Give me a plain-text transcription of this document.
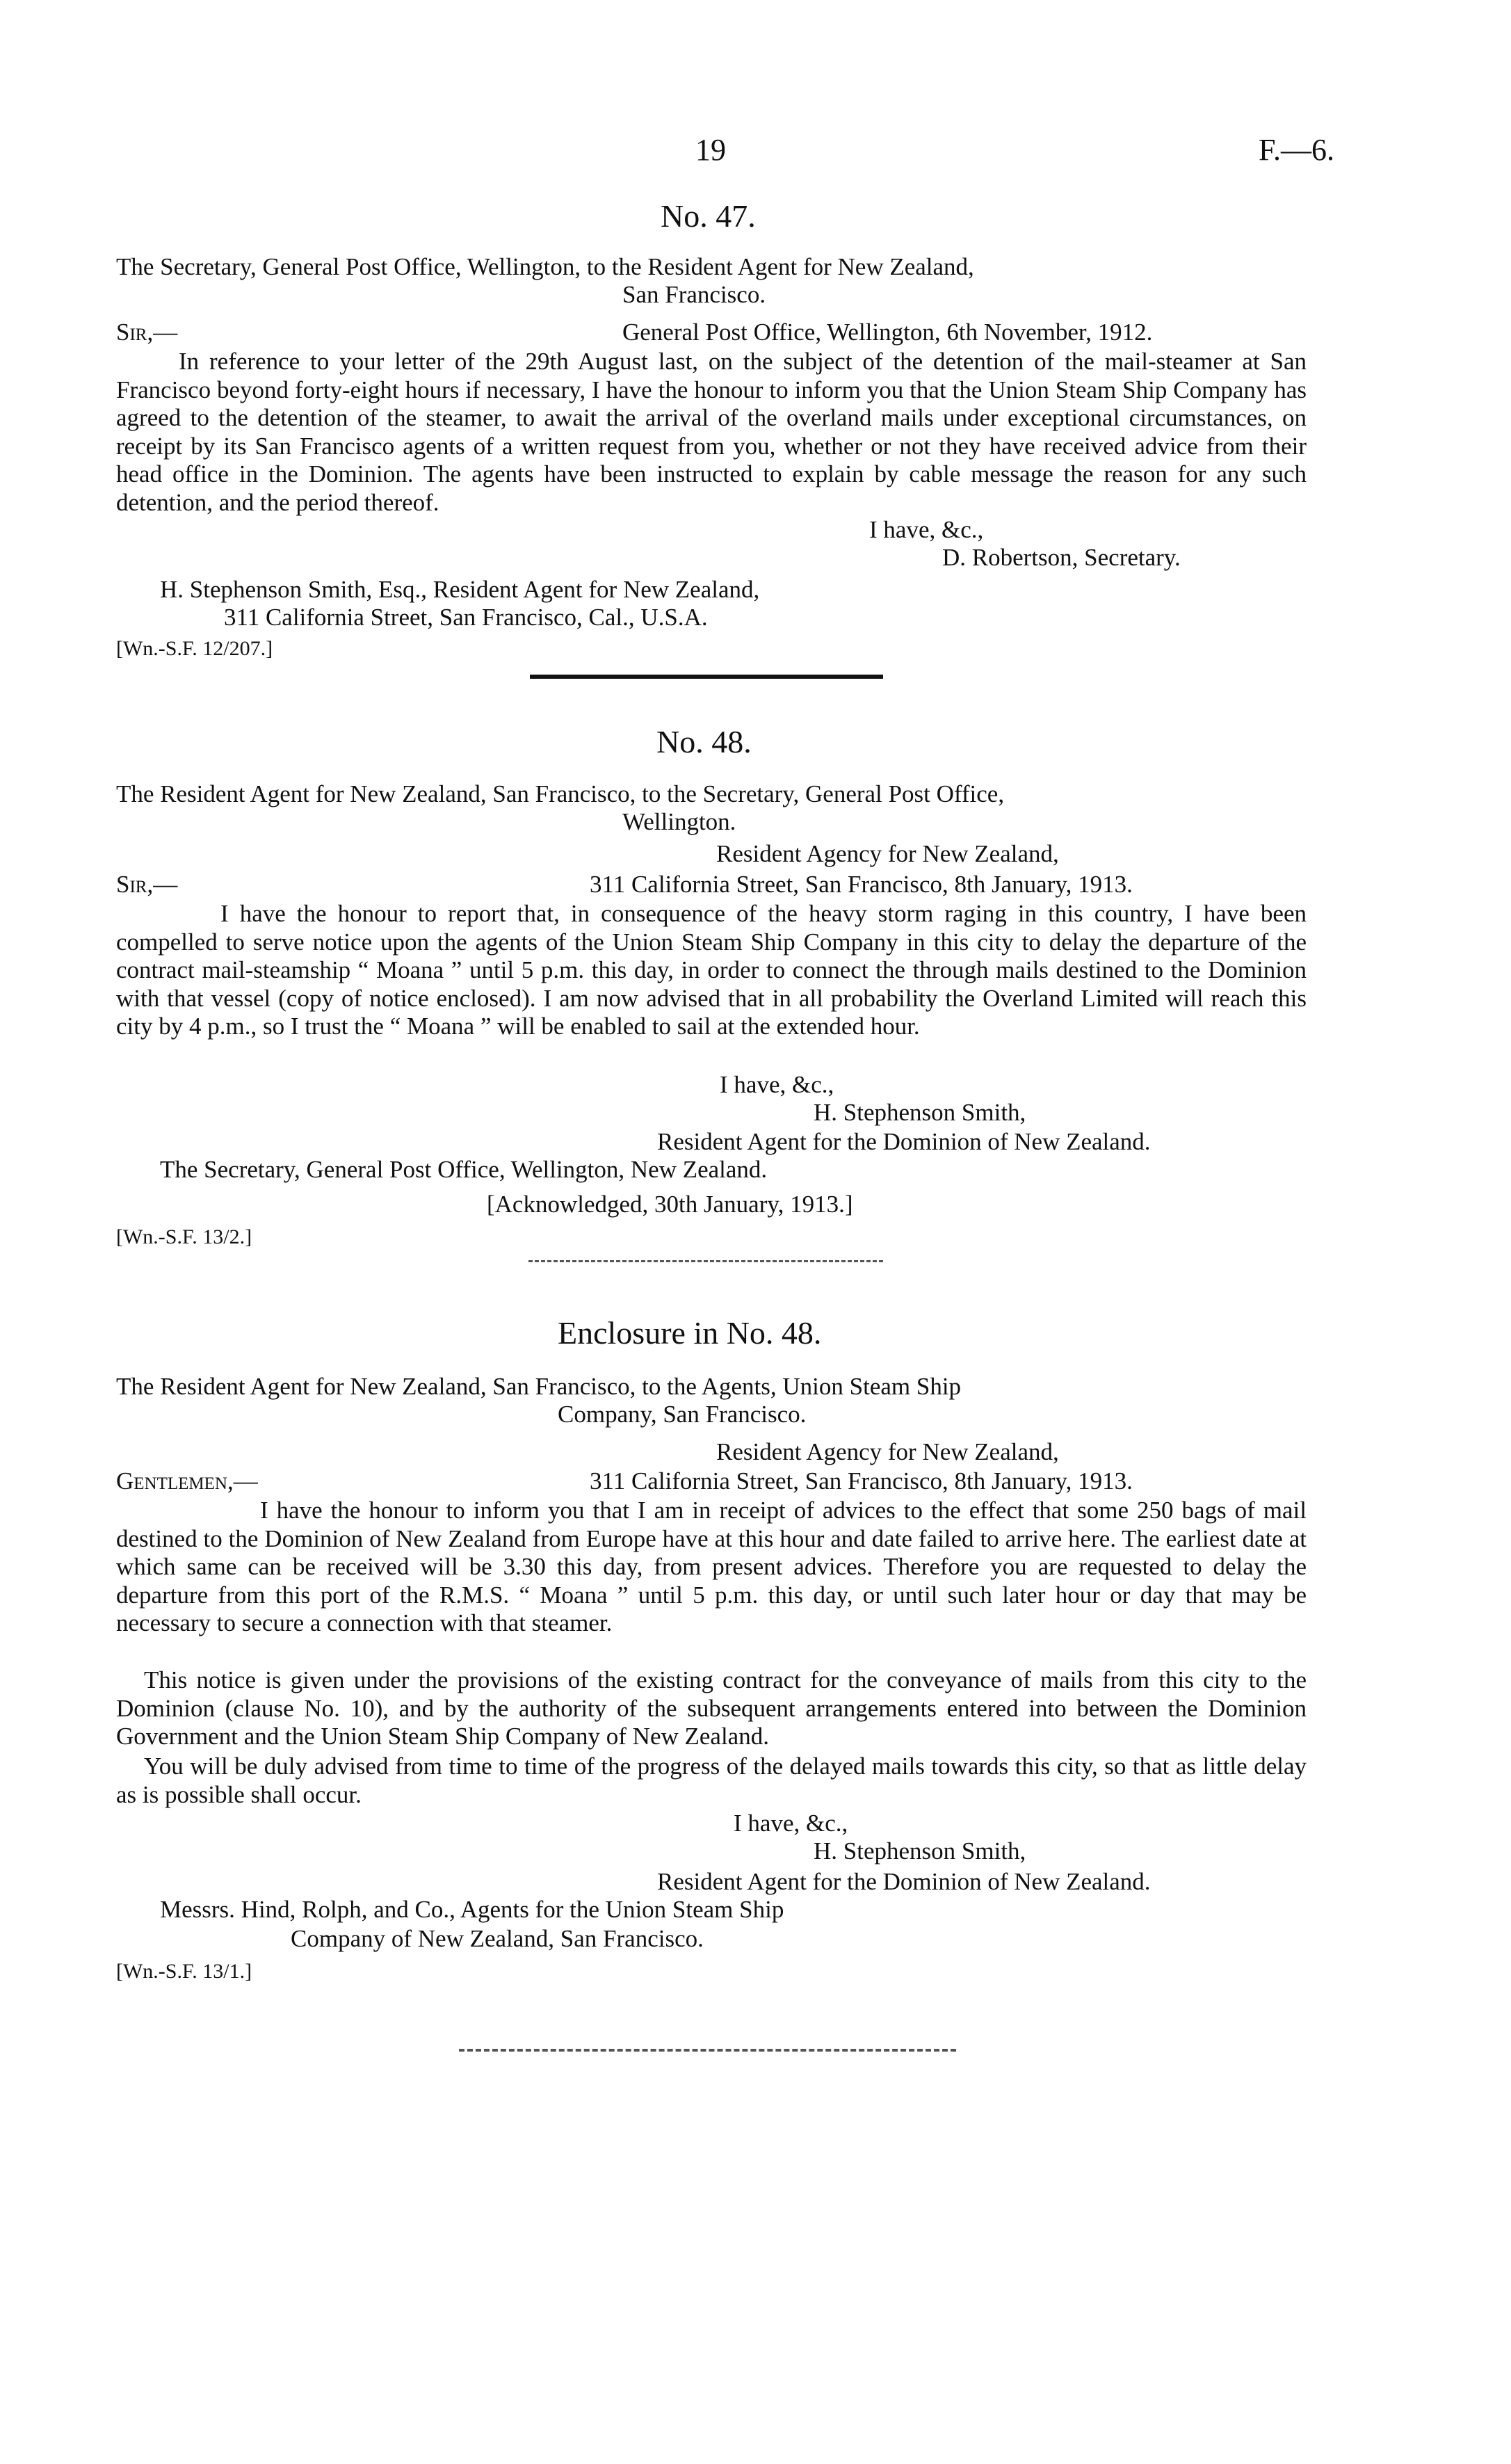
19	F.—6.
No. 47.
The Secretary, General Post Office, Wellington, to the Resident Agent for New Zealand,
San Francisco.
Sir,—	General Post Office, Wellington, 6th November, 1912.
In reference to your letter of the 29th August last, on the subject of the detention of the mail-steamer at San Francisco beyond forty-eight hours if necessary, I have the honour to inform you that the Union Steam Ship Company has agreed to the detention of the steamer, to await the arrival of the overland mails under exceptional circumstances, on receipt by its San Francisco agents of a written request from you, whether or not they have received advice from their head office in the Dominion. The agents have been instructed to explain by cable message the reason for any such detention, and the period thereof.
I have, &c.,
D. Robertson, Secretary.
H. Stephenson Smith, Esq., Resident Agent for New Zealand,
311 California Street, San Francisco, Cal., U.S.A.
[Wn.-S.F. 12/207.]
No. 48.
The Resident Agent for New Zealand, San Francisco, to the Secretary, General Post Office,
Wellington.
Resident Agency for New Zealand,
Sir,—	311 California Street, San Francisco, 8th January, 1913.
I have the honour to report that, in consequence of the heavy storm raging in this country, I have been compelled to serve notice upon the agents of the Union Steam Ship Company in this city to delay the departure of the contract mail-steamship “ Moana ” until 5 p.m. this day, in order to connect the through mails destined to the Dominion with that vessel (copy of notice enclosed). I am now advised that in all probability the Overland Limited will reach this city by 4 p.m., so I trust the “ Moana ” will be enabled to sail at the extended hour.
I have, &c.,
H. Stephenson Smith,
Resident Agent for the Dominion of New Zealand.
The Secretary, General Post Office, Wellington, New Zealand.
[Acknowledged, 30th January, 1913.]
[Wn.-S.F. 13/2.]
Enclosure in No. 48.
The Resident Agent for New Zealand, San Francisco, to the Agents, Union Steam Ship
Company, San Francisco.
Resident Agency for New Zealand,
Gentlemen,—	311 California Street, San Francisco, 8th January, 1913.
I have the honour to inform you that I am in receipt of advices to the effect that some 250 bags of mail destined to the Dominion of New Zealand from Europe have at this hour and date failed to arrive here. The earliest date at which same can be received will be 3.30 this day, from present advices. Therefore you are requested to delay the departure from this port of the R.M.S. “ Moana ” until 5 p.m. this day, or until such later hour or day that may be necessary to secure a connection with that steamer.
This notice is given under the provisions of the existing contract for the conveyance of mails from this city to the Dominion (clause No. 10), and by the authority of the subsequent arrangements entered into between the Dominion Government and the Union Steam Ship Company of New Zealand.
You will be duly advised from time to time of the progress of the delayed mails towards this city, so that as little delay as is possible shall occur.
I have, &c.,
H. Stephenson Smith,
Resident Agent for the Dominion of New Zealand.
Messrs. Hind, Rolph, and Co., Agents for the Union Steam Ship
Company of New Zealand, San Francisco.
[Wn.-S.F. 13/1.]
